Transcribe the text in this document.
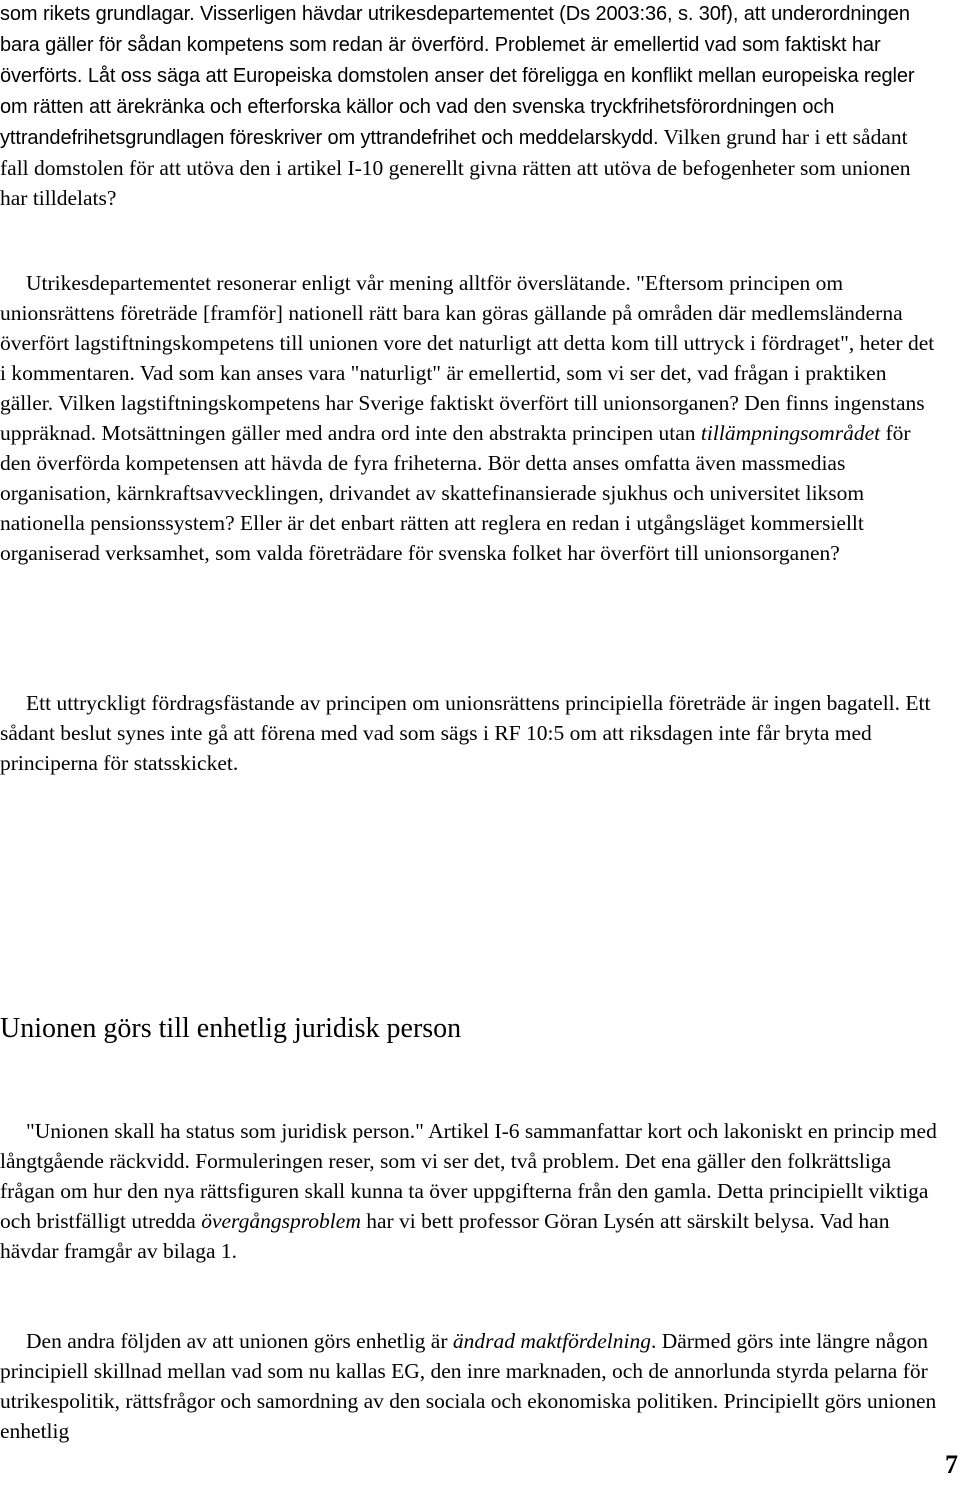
som rikets grundlagar. Visserligen hävdar utrikesdepartementet (Ds 2003:36, s. 30f), att underordningen bara gäller för sådan kompetens som redan är överförd. Problemet är emellertid vad som faktiskt har överförts. Låt oss säga att Europeiska domstolen anser det föreligga en konflikt mellan europeiska regler om rätten att ärekränka och efterforska källor och vad den svenska tryckfrihetsförordningen och yttrandefrihetsgrundlagen föreskriver om yttrandefrihet och meddelarskydd. Vilken grund har i ett sådant fall domstolen för att utöva den i artikel I-10 generellt givna rätten att utöva de befogenheter som unionen har tilldelats?

Utrikesdepartementet resonerar enligt vår mening alltför överslätande. "Eftersom principen om unionsrättens företräde [framför] nationell rätt bara kan göras gällande på områden där medlemsländerna överfört lagstiftningskompetens till unionen vore det naturligt att detta kom till uttryck i fördraget", heter det i kommentaren. Vad som kan anses vara "naturligt" är emellertid, som vi ser det, vad frågan i praktiken gäller. Vilken lagstiftningskompetens har Sverige faktiskt överfört till unionsorganen? Den finns ingenstans uppräknad. Motsättningen gäller med andra ord inte den abstrakta principen utan tillämpningsområdet för den överförda kompetensen att hävda de fyra friheterna. Bör detta anses omfatta även massmedias organisation, kärnkraftsavvecklingen, drivandet av skattefinansierade sjukhus och universitet liksom nationella pensionssystem? Eller är det enbart rätten att reglera en redan i utgångsläget kommersiellt organiserad verksamhet, som valda företrädare för svenska folket har överfört till unionsorganen?

Ett uttryckligt fördragsfästande av principen om unionsrättens principiella företräde är ingen bagatell. Ett sådant beslut synes inte gå att förena med vad som sägs i RF 10:5 om att riksdagen inte får bryta med principerna för statsskicket.

Unionen görs till enhetlig juridisk person

"Unionen skall ha status som juridisk person." Artikel I-6 sammanfattar kort och lakoniskt en princip med långtgående räckvidd. Formuleringen reser, som vi ser det, två problem. Det ena gäller den folkrättsliga frågan om hur den nya rättsfiguren skall kunna ta över uppgifterna från den gamla. Detta principiellt viktiga och bristfälligt utredda övergångsproblem har vi bett professor Göran Lysén att särskilt belysa. Vad han hävdar framgår av bilaga 1.

Den andra följden av att unionen görs enhetlig är ändrad maktfördelning. Därmed görs inte längre någon principiell skillnad mellan vad som nu kallas EG, den inre marknaden, och de annorlunda styrda pelarna för utrikespolitik, rättsfrågor och samordning av den sociala och ekonomiska politiken. Principiellt görs unionen enhetlig

7
